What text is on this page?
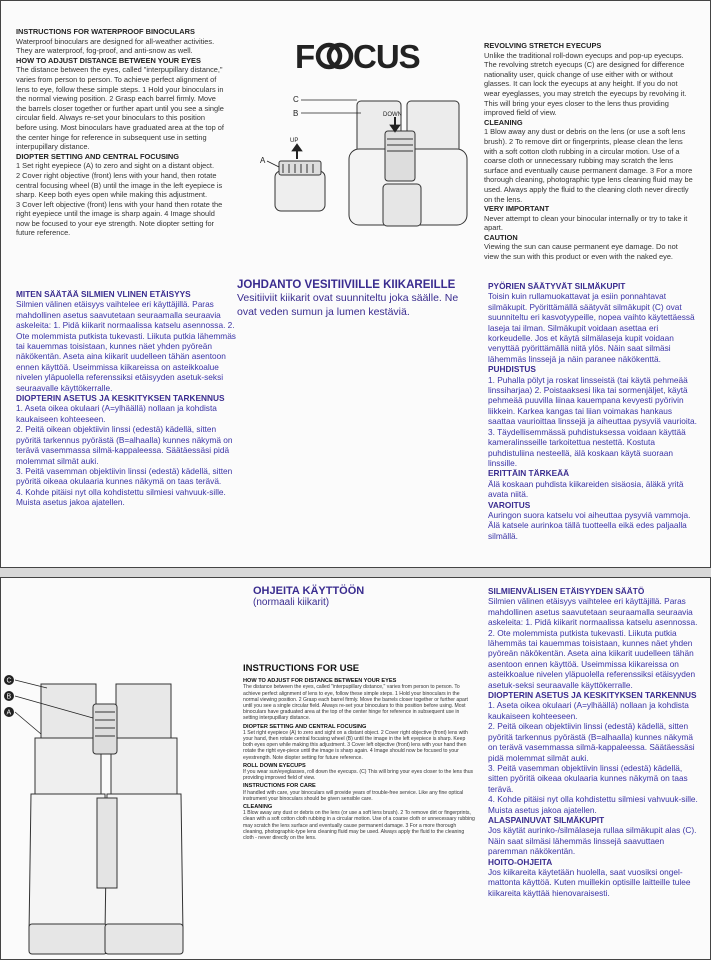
INSTRUCTIONS FOR WATERPROOF BINOCULARS

Waterproof binoculars are designed for all-weather activities. They are waterproof, fog-proof, and anti-snow as well.

HOW TO ADJUST DISTANCE BETWEEN YOUR EYES

The distance between the eyes, called "interpupillary distance," varies from person to person. To achieve perfect alignment of lens to eye, follow these simple steps. 1 Hold your binoculars in the normal viewing position. 2 Grasp each barrel firmly. Move the barrels closer together or further apart until you see a single circular field. Always re-set your binoculars to this position before using. Most binoculars have graduated area at the top of the center hinge for reference in subsequent use in setting interpupillary distance.

DIOPTER SETTING AND CENTRAL FOCUSING

1 Set right eyepiece (A) to zero and sight on a distant object.
2 Cover right objective (front) lens with your hand, then rotate central focusing wheel (B) until the image in the left eyepiece is sharp. Keep both eyes open while making this adjustment.
3 Cover left objective (front) lens with your hand then rotate the right eyepiece until the image is sharp again. 4 Image should now be focused to your eye strength. Note diopter setting for future reference.

F CUS
C
B
A
UP
DOWN
REVOLVING STRETCH EYECUPS

Unlike the traditional roll-down eyecups and pop-up eyecups. The revolving stretch eyecups (C) are designed for difference nationality user, quick change of use either with or without glasses. It can lock the eyecups at any height. If you do not wear eyeglasses, you may stretch the eyecups by revolving it. This will bring your eyes closer to the lens thus providing improved field of view.

CLEANING

1 Blow away any dust or debris on the lens (or use a soft lens brush). 2 To remove dirt or fingerprints, please clean the lens with a soft cotton cloth rubbing in a circular motion. Use of a coarse cloth or unnecessary rubbing may scratch the lens surface and eventually cause permanent damage. 3 For a more thorough cleaning, photographic type lens cleaning fluid may be used. Always apply the fluid to the cleaning cloth never directly on the lens.

VERY IMPORTANT

Never attempt to clean your binocular internally or try to take it apart.

CAUTION

Viewing the sun can cause permanent eye damage. Do not view the sun with this product or even with the naked eye.

MITEN SÄÄTÄÄ SILMIEN VLINEN ETÄISYYS

Silmien välinen etäisyys vaihtelee eri käyttäjillä. Paras mahdollinen asetus saavutetaan seuraamalla seuraavia askeleita: 1. Pidä kiikarit normaalissa katselu asennossa. 2. Ote molemmista putkista tukevasti. Liikuta putkia lähemmäs tai kauemmas toisistaan, kunnes näet yhden pyöreän näkökentän. Aseta aina kiikarit uudelleen tähän asentoon ennen käyttöä. Useimmissa kiikareissa on asteikkoalue nivelen yläpuolella referenssiksi etäisyyden asetuk-seksi seuraavalle käyttökerralle.

DIOPTERIN ASETUS JA KESKITYKSEN TARKENNUS

1. Aseta oikea okulaari (A=ylhäällä) nollaan ja kohdista kaukaiseen kohteeseen.
2. Peitä oikean objektiivin linssi (edestä) kädellä, sitten pyöritä tarkennus pyörästä (B=alhaalla) kunnes näkymä on terävä vasemmassa silmä-kappaleessa. Säätäessäsi pidä molemmat silmät auki.
3. Peitä vasemman objektiivin linssi (edestä) kädellä, sitten pyöritä oikeaa okulaaria kunnes näkymä on taas terävä.
4. Kohde pitäisi nyt olla kohdistettu silmiesi vahvuuk-sille. Muista asetus jakoa ajatellen.

JOHDANTO VESITIIVIILLE KIIKAREILLE
Vesitiiviit kiikarit ovat suunniteltu joka säälle. Ne ovat veden sumun ja lumen kestäviä.
PYÖRIEN SÄÄTYVÄT SILMÄKUPIT

Toisin kuin rullamuokattavat ja esiin ponnahtavat silmäkupit. Pyörittämällä säätyvät silmäkupit (C) ovat suunniteltu eri kasvotyypeille, nopea vaihto käytettäessä laseja tai ilman. Silmäkupit voidaan asettaa eri korkeudelle. Jos et käytä silmälaseja kupit voidaan venyttää pyörittämällä niitä ylös. Näin saat silmäsi lähemmäs linssejä ja näin paranee näkökenttä.

PUHDISTUS

1. Puhalla pölyt ja roskat linsseistä (tai käytä pehmeää linssiharjaa) 2. Poistaaksesi lika tai sormenjäljet, käytä pehmeää puuvilla liinaa kauempana kevyesti pyörivin liikkein. Karkea kangas tai liian voimakas hankaus saattaa vaurioittaa linssejä ja aiheuttaa pysyviä vaurioita. 3. Täydellisemmässä puhdistuksessa voidaan käyttää kameralinsseille tarkoitettua nestettä. Kostuta puhdistuliina nesteellä, älä koskaan käytä suoraan linssille.

ERITTÄIN TÄRKEÄÄ

Älä koskaan puhdista kiikareiden sisäosia, äläkä yritä avata niitä.

VAROITUS

Auringon suora katselu voi aiheuttaa pysyviä vammoja. Älä katsele aurinkoa tällä tuotteella eikä edes paljaalla silmällä.

OHJEITA KÄYTTÖÖN
(normaali kiikarit)
C
B
A
INSTRUCTIONS FOR USE
HOW TO ADJUST FOR DISTANCE BETWEEN YOUR EYES

The distance between the eyes, called "interpupillary distance," varies from person to person. To achieve perfect alignment of lens to eye, follow these simple steps. 1 Hold your binoculars in the normal viewing position. 2 Grasp each barrel firmly. Move the barrels closer together or further apart until you see a single circular field. Always re-set your binoculars to this position before using. Most binoculars have graduated area at the top of the center hinge for reference in subsequent use in setting interpupillary distance.

DIOPTER SETTING AND CENTRAL FOCUSING

1 Set right eyepiece (A) to zero and sight on a distant object. 2 Cover right objective (front) lens with your hand, then rotate central focusing wheel (B) until the image in the left eyepiece is sharp. Keep both eyes open while making this adjustment. 3 Cover left objective (front) lens with your hand then rotate the right eye-piece until the image is sharp again. 4 Image should now be focused to your eyestrength. Note diopter setting for future reference.

ROLL DOWN EYECUPS

If you wear sun/eyeglasses, roll down the eyecups. (C) This will bring your eyes closer to the lens thus providing improved field of view.

INSTRUCTIONS FOR CARE

If handled with care, your binoculars will provide years of trouble-free service. Like any fine optical instrument your binoculars should be given sensible care.

CLEANING

1 Blow away any dust or debris on the lens (or use a soft lens brush). 2 To remove dirt or fingerprints, clean with a soft cotton cloth rubbing in a circular motion. Use of a coarse cloth or unnecessary rubbing may scratch the lens surface and eventually cause permanent damage. 3 For a more thorough cleaning, photographic-type lens cleaning fluid may be used. Always apply the fluid to the cleaning cloth - never directly on the lens.

SILMIENVÄLISEN ETÄISYYDEN SÄÄTÖ

Silmien välinen etäisyys vaihtelee eri käyttäjillä. Paras mahdollinen asetus saavutetaan seuraamalla seuraavia askeleita: 1. Pidä kiikarit normaalissa katselu asennossa. 2. Ote molemmista putkista tukevasti. Liikuta putkia lähemmäs tai kauemmas toisistaan, kunnes näet yhden pyöreän näkökentän. Aseta aina kiikarit uudelleen tähän asentoon ennen käyttöä. Useimmissa kiikareissa on asteikkoalue nivelen yläpuolella referenssiksi etäisyyden asetuk-seksi seuraavalle käyttökerralle.

DIOPTERIN ASETUS JA KESKITYKSEN TARKENNUS

1. Aseta oikea okulaari (A=ylhäällä) nollaan ja kohdista kaukaiseen kohteeseen.
2. Peitä oikean objektiivin linssi (edestä) kädellä, sitten pyöritä tarkennus pyörästä (B=alhaalla) kunnes näkymä on terävä vasemmassa silmä-kappaleessa. Säätäessäsi pidä molemmat silmät auki.
3. Peitä vasemman objektiivin linssi (edestä) kädellä, sitten pyöritä oikeaa okulaaria kunnes näkymä on taas terävä.
4. Kohde pitäisi nyt olla kohdistettu silmiesi vahvuuk-sille. Muista asetus jakoa ajatellen.

ALASPAINUVAT SILMÄKUPIT

Jos käytät aurinko-/silmälaseja rullaa silmäkupit alas (C). Näin saat silmäsi lähemmäs linssejä saavuttaen paremman näkökentän.

HOITO-OHJEITA

Jos kiikareita käytetään huolella, saat vuosiksi ongel-mattonta käyttöä. Kuten muillekin optisille laitteille tulee kiikareita käyttää hienovaraisesti.
